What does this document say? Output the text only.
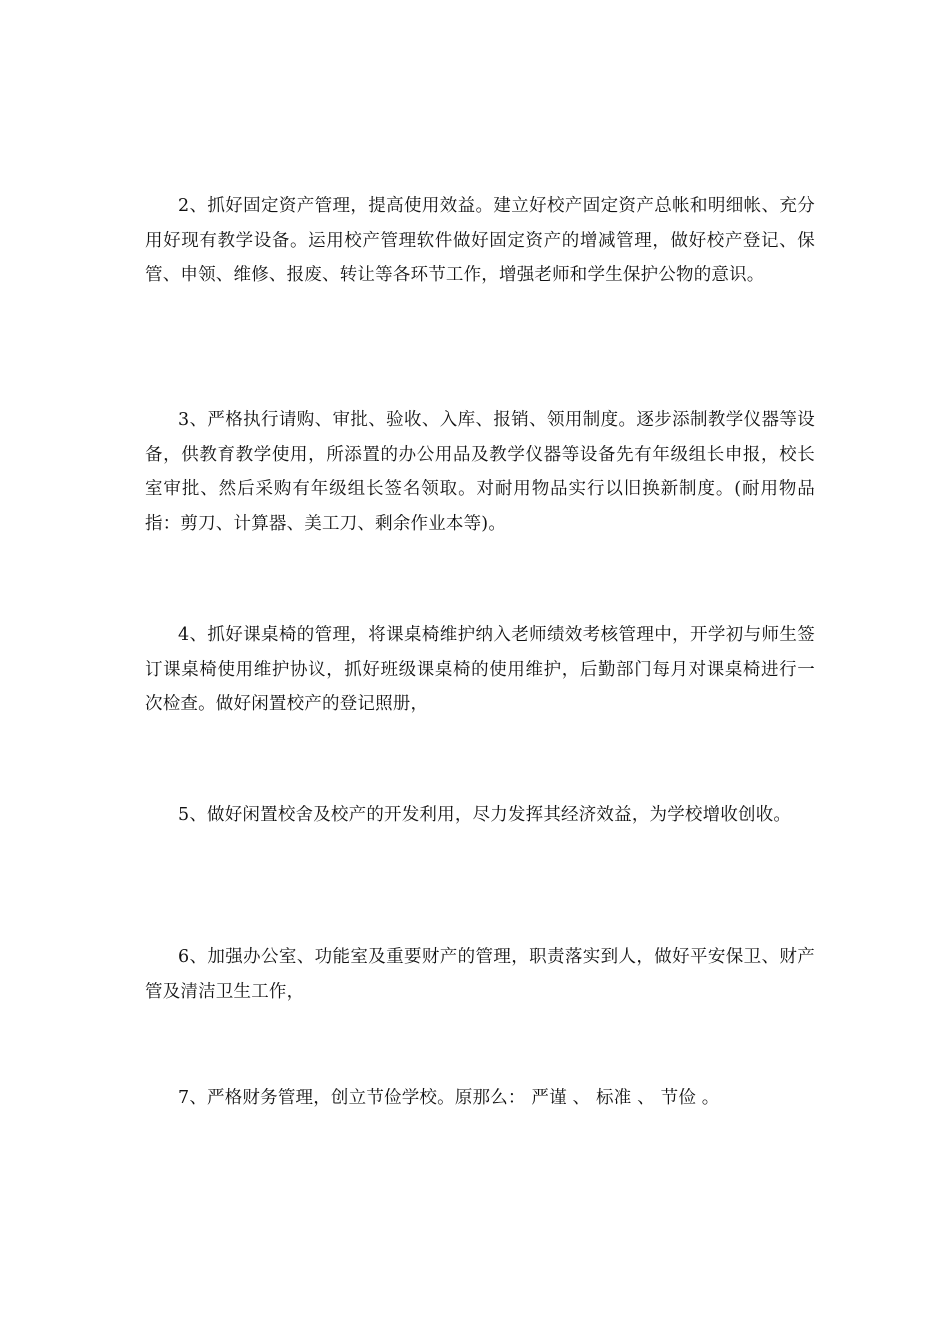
2、抓好固定资产管理，提高使用效益。建立好校产固定资产总帐和明细帐、充分用好现有教学设备。运用校产管理软件做好固定资产的增减管理，做好校产登记、保管、申领、维修、报废、转让等各环节工作，增强老师和学生保护公物的意识。

3、严格执行请购、审批、验收、入库、报销、领用制度。逐步添制教学仪器等设备，供教育教学使用，所添置的办公用品及教学仪器等设备先有年级组长申报，校长室审批、然后采购有年级组长签名领取。对耐用物品实行以旧换新制度。(耐用物品指：剪刀、计算器、美工刀、剩余作业本等)。

4、抓好课桌椅的管理，将课桌椅维护纳入老师绩效考核管理中，开学初与师生签订课桌椅使用维护协议，抓好班级课桌椅的使用维护，后勤部门每月对课桌椅进行一次检查。做好闲置校产的登记照册，

5、做好闲置校舍及校产的开发利用，尽力发挥其经济效益，为学校增收创收。

6、加强办公室、功能室及重要财产的管理，职责落实到人，做好平安保卫、财产管及清洁卫生工作，

7、严格财务管理，创立节俭学校。原那么： 严谨 、 标准 、 节俭 。
